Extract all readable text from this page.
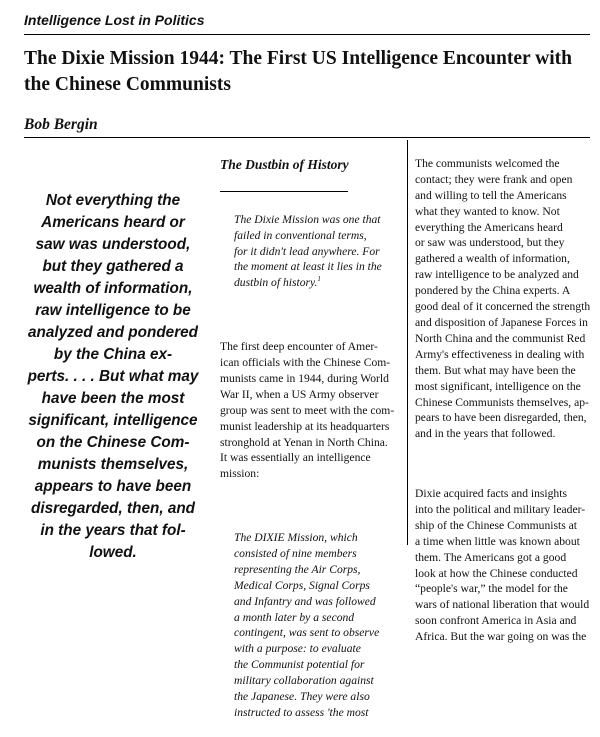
Intelligence Lost in Politics
The Dixie Mission 1944: The First US Intelligence Encounter with the Chinese Communists
Bob Bergin
Not everything the
Americans heard or
saw was understood,
but they gathered a
wealth of information,
raw intelligence to be
analyzed and pondered
by the China ex-
perts. . . . But what may
have been the most
significant, intelligence
on the Chinese Com-
munists themselves,
appears to have been
disregarded, then, and
in the years that fol-
lowed.

The Dustbin of History

The Dixie Mission was one that
failed in conventional terms,
for it didn't lead anywhere. For
the moment at least it lies in the
dustbin of history.$^1$

The first deep encounter of Amer-
ican officials with the Chinese Com-
munists came in 1944, during World
War II, when a US Army observer
group was sent to meet with the com-
munist leadership at its headquarters
stronghold at Yenan in North China.
It was essentially an intelligence
mission:

The DIXIE Mission, which
consisted of nine members
representing the Air Corps,
Medical Corps, Signal Corps
and Infantry and was followed
a month later by a second
contingent, was sent to observe
with a purpose: to evaluate
the Communist potential for
military collaboration against
the Japanese. They were also
instructed to assess 'the most

The communists welcomed the
contact; they were frank and open
and willing to tell the Americans
what they wanted to know. Not
everything the Americans heard
or saw was understood, but they
gathered a wealth of information,
raw intelligence to be analyzed and
pondered by the China experts. A
good deal of it concerned the strength
and disposition of Japanese Forces in
North China and the communist Red
Army's effectiveness in dealing with
them. But what may have been the
most significant, intelligence on the
Chinese Communists themselves, ap-
pears to have been disregarded, then,
and in the years that followed.

Dixie acquired facts and insights
into the political and military leader-
ship of the Chinese Communists at
a time when little was known about
them. The Americans got a good
look at how the Chinese conducted
“people's war,” the model for the
wars of national liberation that would
soon confront America in Asia and
Africa. But the war going on was the
